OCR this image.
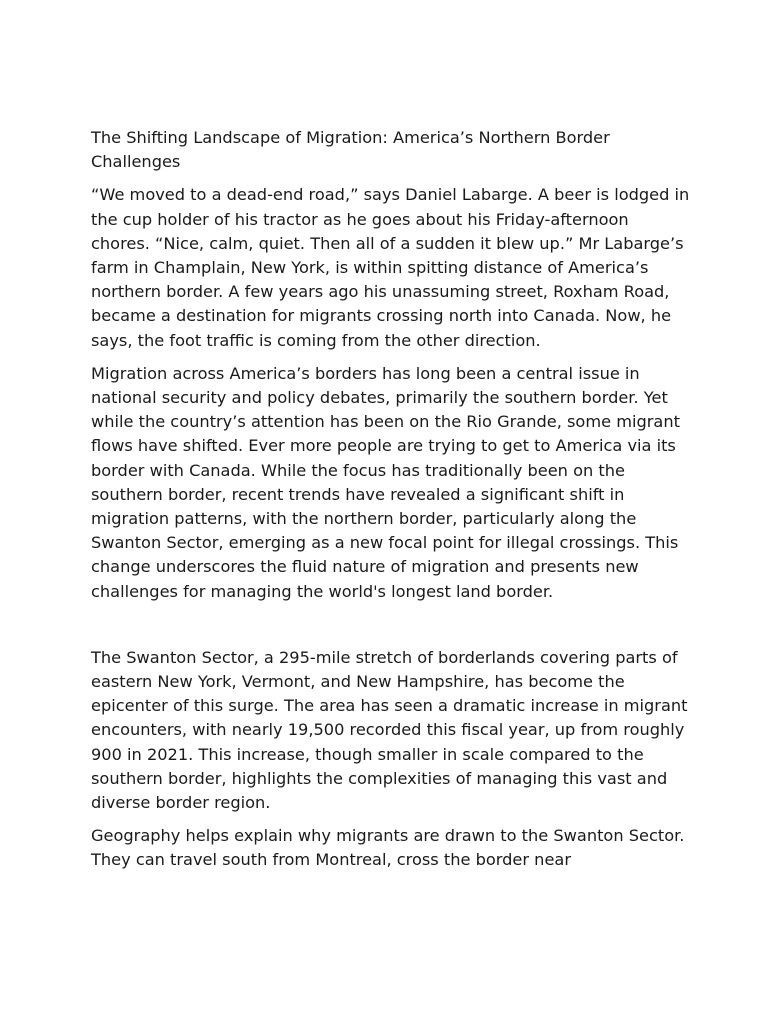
The Shifting Landscape of Migration: America’s Northern Border Challenges

“We moved to a dead-end road,” says Daniel Labarge. A beer is lodged in the cup holder of his tractor as he goes about his Friday-afternoon chores. “Nice, calm, quiet. Then all of a sudden it blew up.” Mr Labarge’s farm in Champlain, New York, is within spitting distance of America’s northern border. A few years ago his unassuming street, Roxham Road, became a destination for migrants crossing north into Canada. Now, he says, the foot traffic is coming from the other direction.

Migration across America’s borders has long been a central issue in national security and policy debates, primarily the southern border. Yet while the country’s attention has been on the Rio Grande, some migrant flows have shifted. Ever more people are trying to get to America via its border with Canada. While the focus has traditionally been on the southern border, recent trends have revealed a significant shift in migration patterns, with the northern border, particularly along the Swanton Sector, emerging as a new focal point for illegal crossings. This change underscores the fluid nature of migration and presents new challenges for managing the world's longest land border.

The Swanton Sector, a 295-mile stretch of borderlands covering parts of eastern New York, Vermont, and New Hampshire, has become the epicenter of this surge. The area has seen a dramatic increase in migrant encounters, with nearly 19,500 recorded this fiscal year, up from roughly 900 in 2021. This increase, though smaller in scale compared to the southern border, highlights the complexities of managing this vast and diverse border region.

Geography helps explain why migrants are drawn to the Swanton Sector. They can travel south from Montreal, cross the border near
